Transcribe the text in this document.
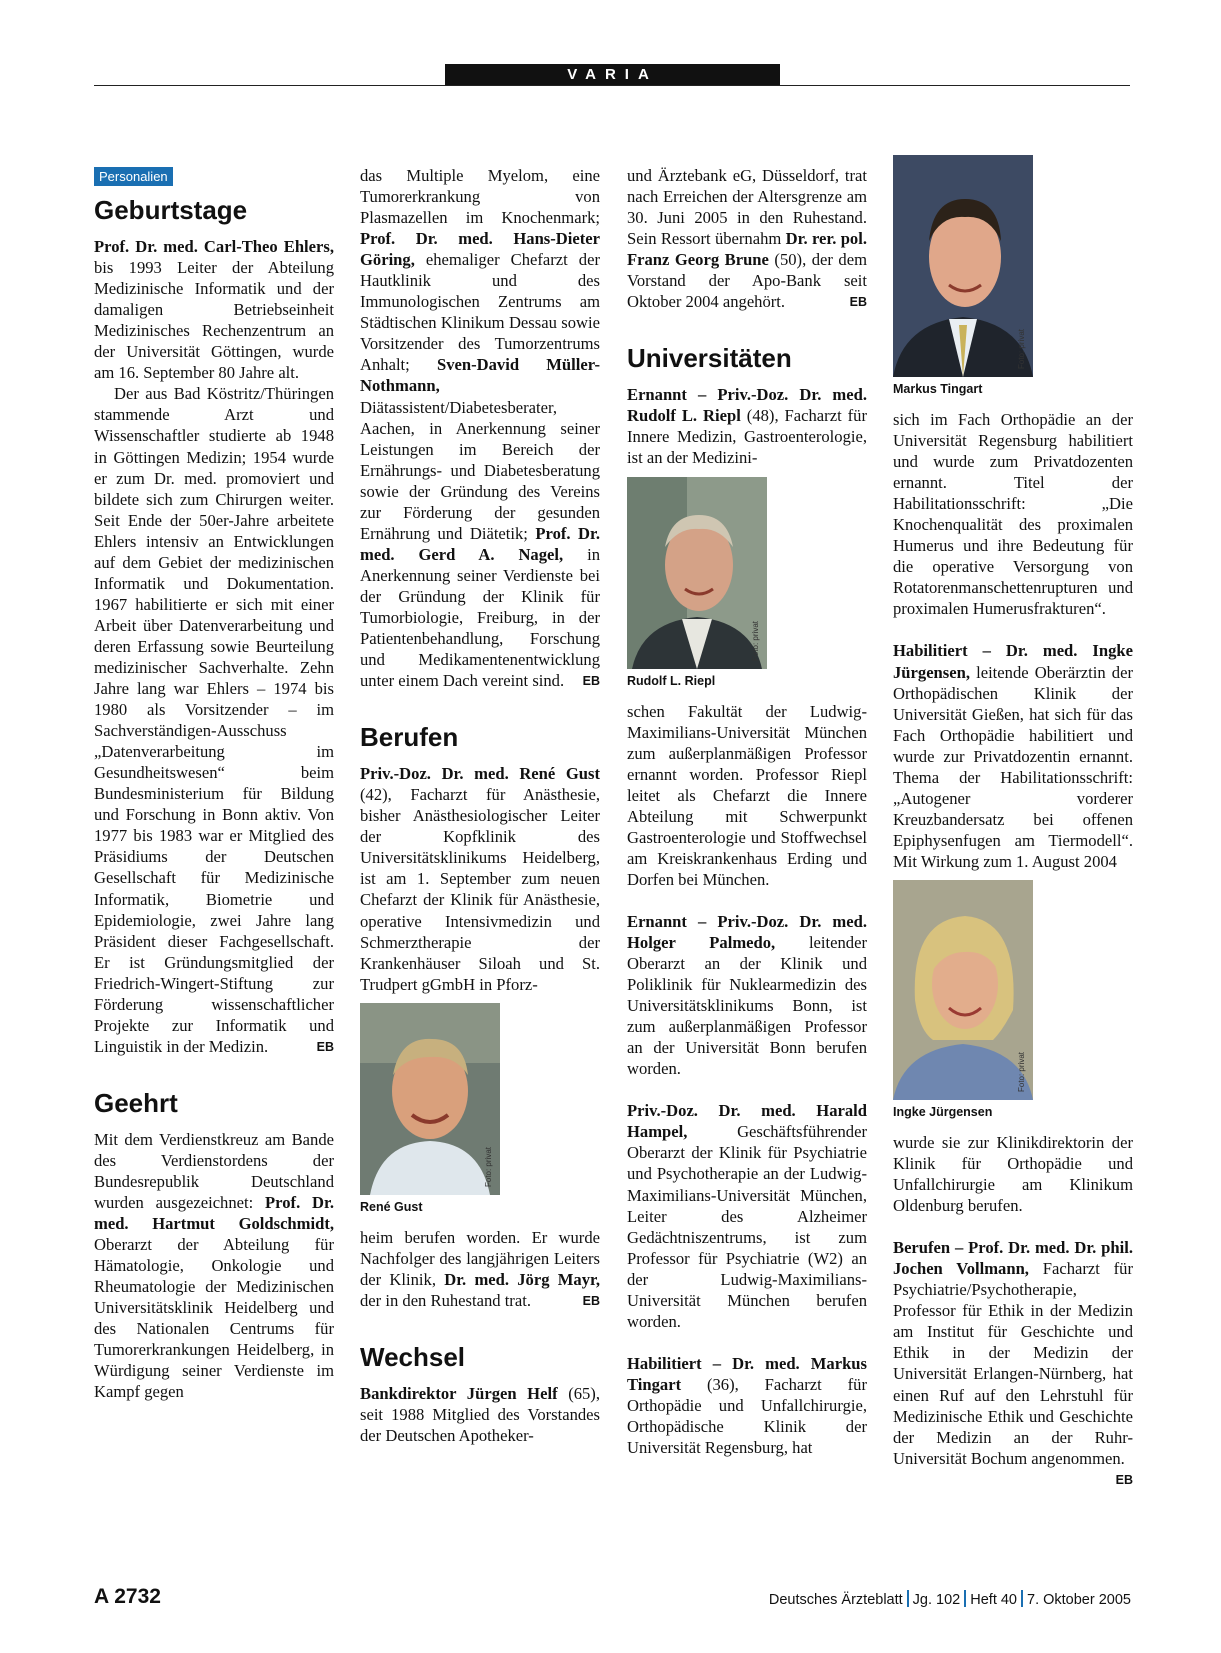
VARIA
Personalien
Geburtstage

Prof. Dr. med. Carl-Theo Ehlers, bis 1993 Leiter der Abteilung Medizinische Informatik und der damaligen Betriebseinheit Medizinisches Rechenzentrum an der Universität Göttingen, wurde am 16. September 80 Jahre alt.

Der aus Bad Köstritz/Thüringen stammende Arzt und Wissenschaftler studierte ab 1948 in Göttingen Medizin; 1954 wurde er zum Dr. med. promoviert und bildete sich zum Chirurgen weiter. Seit Ende der 50er-Jahre arbeitete Ehlers intensiv an Entwicklungen auf dem Gebiet der medizinischen Informatik und Dokumentation. 1967 habilitierte er sich mit einer Arbeit über Datenverarbeitung und deren Erfassung sowie Beurteilung medizinischer Sachverhalte. Zehn Jahre lang war Ehlers – 1974 bis 1980 als Vorsitzender – im Sachverständigen-Ausschuss „Datenverarbeitung im Gesundheitswesen“ beim Bundesministerium für Bildung und Forschung in Bonn aktiv. Von 1977 bis 1983 war er Mitglied des Präsidiums der Deutschen Gesellschaft für Medizinische Informatik, Biometrie und Epidemiologie, zwei Jahre lang Präsident dieser Fachgesellschaft. Er ist Gründungsmitglied der Friedrich-Wingert-Stiftung zur Förderung wissenschaftlicher Projekte zur Informatik und Linguistik in der Medizin.	EB

Geehrt

Mit dem Verdienstkreuz am Bande des Verdienstordens der Bundesrepublik Deutschland wurden ausgezeichnet: Prof. Dr. med. Hartmut Goldschmidt, Oberarzt der Abteilung für Hämatologie, Onkologie und Rheumatologie der Medizinischen Universitätsklinik Heidelberg und des Nationalen Centrums für Tumorerkrankungen Heidelberg, in Würdigung seiner Verdienste im Kampf gegen

das Multiple Myelom, eine Tumorerkrankung von Plasmazellen im Knochenmark; Prof. Dr. med. Hans-Dieter Göring, ehemaliger Chefarzt der Hautklinik und des Immunologischen Zentrums am Städtischen Klinikum Dessau sowie Vorsitzender des Tumorzentrums Anhalt; Sven-David Müller-Nothmann, Diätassistent/Diabetesberater, Aachen, in Anerkennung seiner Leistungen im Bereich der Ernährungs- und Diabetesberatung sowie der Gründung des Vereins zur Förderung der gesunden Ernährung und Diätetik; Prof. Dr. med. Gerd A. Nagel, in Anerkennung seiner Verdienste bei der Gründung der Klinik für Tumorbiologie, Freiburg, in der Patientenbehandlung, Forschung und Medikamentenentwicklung unter einem Dach vereint sind. EB

Berufen

Priv.-Doz. Dr. med. René Gust (42), Facharzt für Anästhesie, bisher Anästhesiologischer Leiter der Kopfklinik des Universitätsklinikums Heidelberg, ist am 1. September zum neuen Chefarzt der Klinik für Anästhesie, operative Intensivmedizin und Schmerztherapie der Krankenhäuser Siloah und St. Trudpert gGmbH in Pforz-

Foto: privat
René Gust

heim berufen worden. Er wurde Nachfolger des langjährigen Leiters der Klinik, Dr. med. Jörg Mayr, der in den Ruhestand trat.	EB

Wechsel

Bankdirektor Jürgen Helf (65), seit 1988 Mitglied des Vorstandes der Deutschen Apotheker-

und Ärztebank eG, Düsseldorf, trat nach Erreichen der Altersgrenze am 30. Juni 2005 in den Ruhestand. Sein Ressort übernahm Dr. rer. pol. Franz Georg Brune (50), der dem Vorstand der Apo-Bank seit Oktober 2004 angehört.	EB

Universitäten

Ernannt – Priv.-Doz. Dr. med. Rudolf L. Riepl (48), Facharzt für Innere Medizin, Gastroenterologie, ist an der Medizini-

Foto: privat
Rudolf L. Riepl

schen Fakultät der Ludwig-Maximilians-Universität München zum außerplanmäßigen Professor ernannt worden. Professor Riepl leitet als Chefarzt die Innere Abteilung mit Schwerpunkt Gastroenterologie und Stoffwechsel am Kreiskrankenhaus Erding und Dorfen bei München.

Ernannt – Priv.-Doz. Dr. med. Holger Palmedo, leitender Oberarzt an der Klinik und Poliklinik für Nuklearmedizin des Universitätsklinikums Bonn, ist zum außerplanmäßigen Professor an der Universität Bonn berufen worden.

Priv.-Doz. Dr. med. Harald Hampel, Geschäftsführender Oberarzt der Klinik für Psychiatrie und Psychotherapie an der Ludwig-Maximilians-Universität München, Leiter des Alzheimer Gedächtniszentrums, ist zum Professor für Psychiatrie (W2) an der Ludwig-Maximilians-Universität München berufen worden.

Habilitiert – Dr. med. Markus Tingart (36), Facharzt für Orthopädie und Unfallchirurgie, Orthopädische Klinik der Universität Regensburg, hat

Foto: privat
Markus Tingart

sich im Fach Orthopädie an der Universität Regensburg habilitiert und wurde zum Privatdozenten ernannt. Titel der Habilitationsschrift: „Die Knochenqualität des proximalen Humerus und ihre Bedeutung für die operative Versorgung von Rotatorenmanschettenrupturen und proximalen Humerusfrakturen“.

Habilitiert – Dr. med. Ingke Jürgensen, leitende Oberärztin der Orthopädischen Klinik der Universität Gießen, hat sich für das Fach Orthopädie habilitiert und wurde zur Privatdozentin ernannt. Thema der Habilitationsschrift: „Autogener vorderer Kreuzbandersatz bei offenen Epiphysenfugen am Tiermodell“. Mit Wirkung zum 1. August 2004

Foto: privat
Ingke Jürgensen

wurde sie zur Klinikdirektorin der Klinik für Orthopädie und Unfallchirurgie am Klinikum Oldenburg berufen.

Berufen – Prof. Dr. med. Dr. phil. Jochen Vollmann, Facharzt für Psychiatrie/Psychotherapie, Professor für Ethik in der Medizin am Institut für Geschichte und Ethik in der Medizin der Universität Erlangen-Nürnberg, hat einen Ruf auf den Lehrstuhl für Medizinische Ethik und Geschichte der Medizin an der Ruhr-Universität Bochum angenommen.
EB

A 2732	Deutsches Ärzteblatt Jg. 102 Heft 40 7. Oktober 2005
